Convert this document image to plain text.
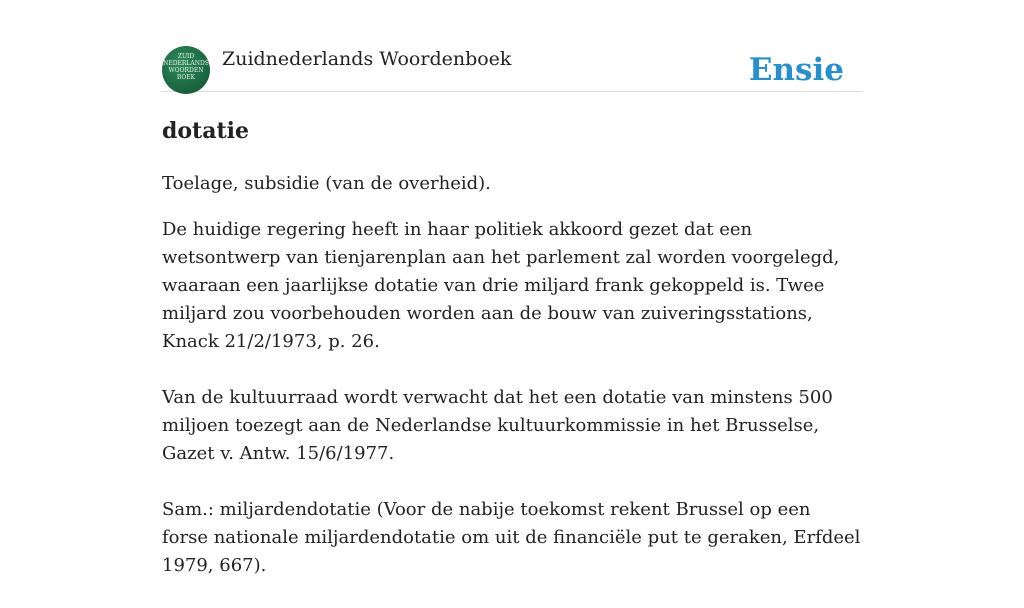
ZUID NEDERLANDS WOORDEN BOEK
Zuidnederlands Woordenboek	Ensie
dotatie

Toelage, subsidie (van de overheid).

De huidige regering heeft in haar politiek akkoord gezet dat een wetsontwerp van tienjarenplan aan het parlement zal worden voorgelegd, waaraan een jaarlijkse dotatie van drie miljard frank gekoppeld is. Twee miljard zou voorbehouden worden aan de bouw van zuiveringsstations, Knack 21/2/1973, p. 26.

Van de kultuurraad wordt verwacht dat het een dotatie van minstens 500 miljoen toezegt aan de Nederlandse kultuurkommissie in het Brusselse, Gazet v. Antw. 15/6/1977.

Sam.: miljardendotatie (Voor de nabije toekomst rekent Brussel op een forse nationale miljardendotatie om uit de financiële put te geraken, Erfdeel 1979, 667).
